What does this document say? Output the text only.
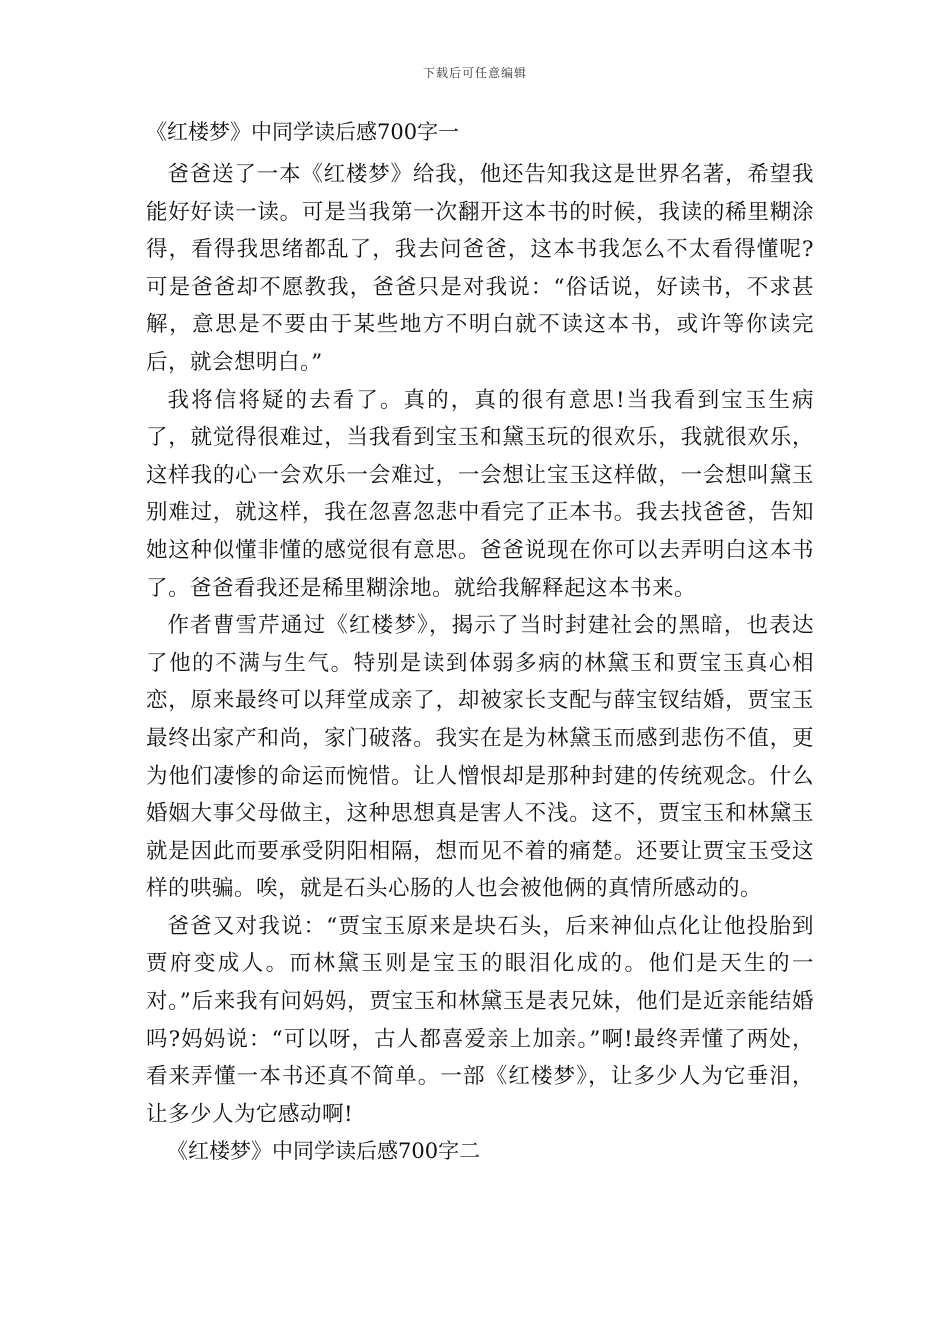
下载后可任意编辑
《红楼梦》中同学读后感700字一

爸爸送了一本《红楼梦》给我，他还告知我这是世界名著，希望我能好好读一读。可是当我第一次翻开这本书的时候，我读的稀里糊涂得，看得我思绪都乱了，我去问爸爸，这本书我怎么不太看得懂呢?可是爸爸却不愿教我，爸爸只是对我说：“俗话说，好读书，不求甚解，意思是不要由于某些地方不明白就不读这本书，或许等你读完后，就会想明白。”

我将信将疑的去看了。真的，真的很有意思!当我看到宝玉生病了，就觉得很难过，当我看到宝玉和黛玉玩的很欢乐，我就很欢乐，这样我的心一会欢乐一会难过，一会想让宝玉这样做，一会想叫黛玉别难过，就这样，我在忽喜忽悲中看完了正本书。我去找爸爸，告知她这种似懂非懂的感觉很有意思。爸爸说现在你可以去弄明白这本书了。爸爸看我还是稀里糊涂地。就给我解释起这本书来。

作者曹雪芹通过《红楼梦》，揭示了当时封建社会的黑暗，也表达了他的不满与生气。特别是读到体弱多病的林黛玉和贾宝玉真心相恋，原来最终可以拜堂成亲了，却被家长支配与薛宝钗结婚，贾宝玉最终出家产和尚，家门破落。我实在是为林黛玉而感到悲伤不值，更为他们凄惨的命运而惋惜。让人憎恨却是那种封建的传统观念。什么婚姻大事父母做主，这种思想真是害人不浅。这不，贾宝玉和林黛玉就是因此而要承受阴阳相隔，想而见不着的痛楚。还要让贾宝玉受这样的哄骗。唉，就是石头心肠的人也会被他俩的真情所感动的。

爸爸又对我说：“贾宝玉原来是块石头，后来神仙点化让他投胎到贾府变成人。而林黛玉则是宝玉的眼泪化成的。他们是天生的一对。”后来我有问妈妈，贾宝玉和林黛玉是表兄妹，他们是近亲能结婚吗?妈妈说：“可以呀，古人都喜爱亲上加亲。”啊!最终弄懂了两处，看来弄懂一本书还真不简单。一部《红楼梦》，让多少人为它垂泪，让多少人为它感动啊!

《红楼梦》中同学读后感700字二
